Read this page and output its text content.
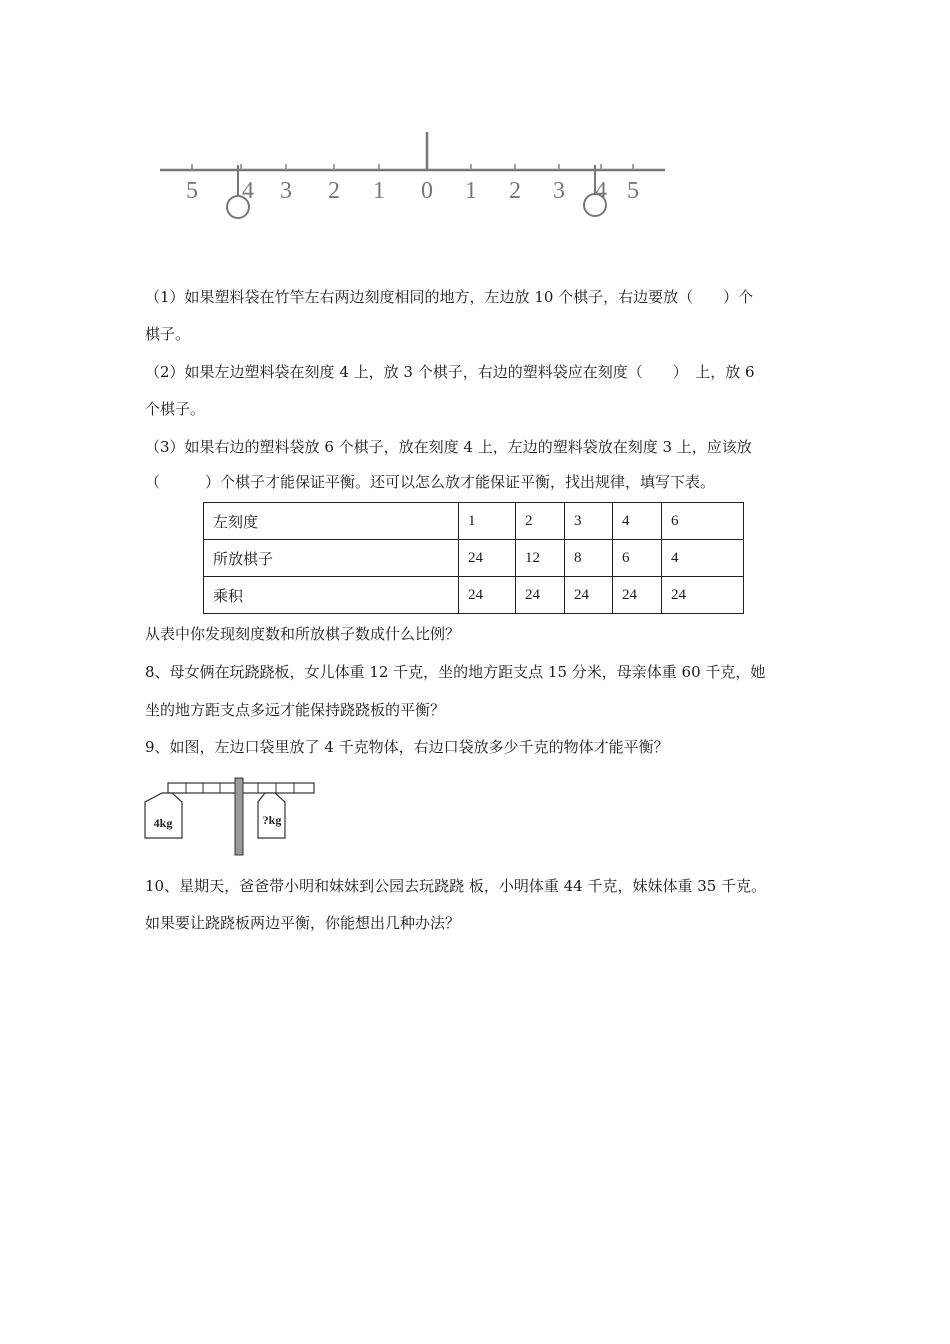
5 4 3 2 1 0 1 2 3 4 5
（1）如果塑料袋在竹竿左右两边刻度相同的地方，左边放 10 个棋子，右边要放（　　）个
棋子。
（2）如果左边塑料袋在刻度 4 上，放 3 个棋子，右边的塑料袋应在刻度（　　）　上，放 6
个棋子。
（3）如果右边的塑料袋放 6 个棋子，放在刻度 4 上，左边的塑料袋放在刻度 3 上，应该放
（　　　）个棋子才能保证平衡。还可以怎么放才能保证平衡，找出规律，填写下表。
左刻度	1	2	3	4	6
所放棋子	24	12	8	6	4
乘积	24	24	24	24	24
从表中你发现刻度数和所放棋子数成什么比例？
8、母女俩在玩跷跷板，女儿体重 12 千克，坐的地方距支点 15 分米，母亲体重 60 千克，她
坐的地方距支点多远才能保持跷跷板的平衡？
9、如图，左边口袋里放了 4 千克物体，右边口袋放多少千克的物体才能平衡？
4kg	?kg
10、星期天，爸爸带小明和妹妹到公园去玩跷跷 板，小明体重 44 千克，妹妹体重 35 千克。
如果要让跷跷板两边平衡，你能想出几种办法？
